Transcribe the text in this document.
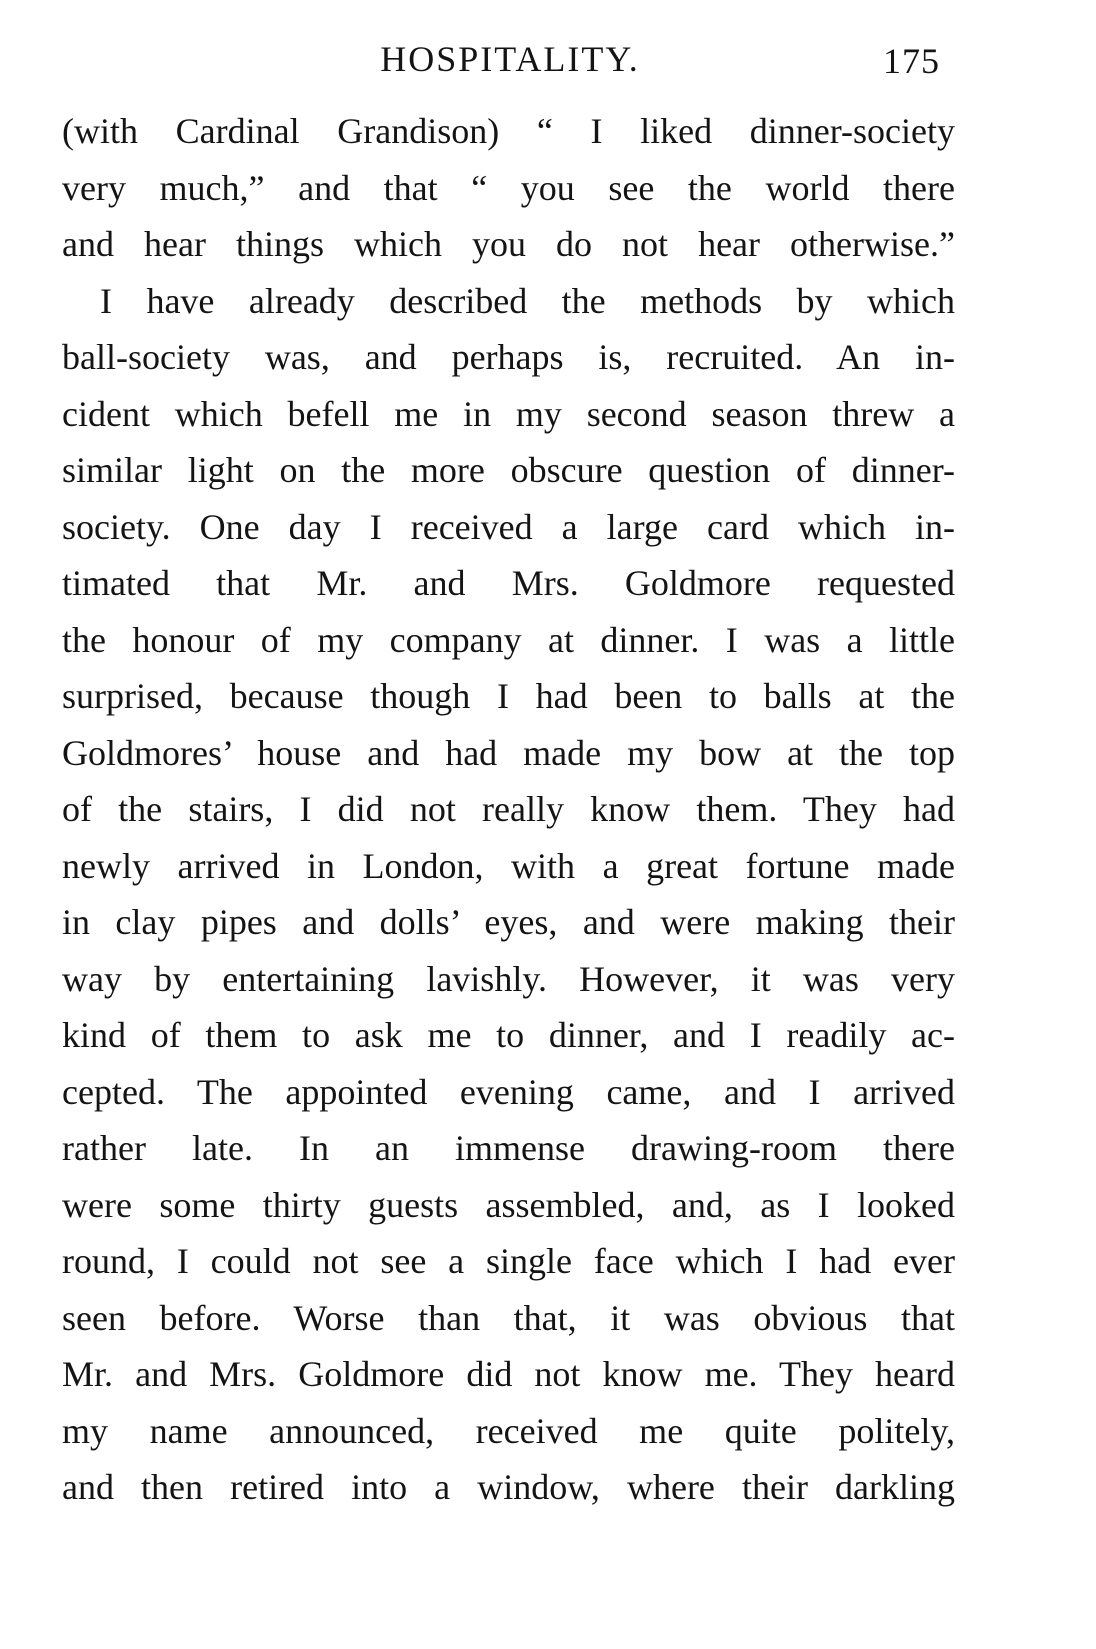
HOSPITALITY.	175
(with Cardinal Grandison) “ I liked dinner-society
very much,” and that “ you see the world there
and hear things which you do not hear otherwise.”
I have already described the methods by which
ball-society was, and perhaps is, recruited. An in-
cident which befell me in my second season threw a
similar light on the more obscure question of dinner-
society. One day I received a large card which in-
timated that Mr. and Mrs. Goldmore requested
the honour of my company at dinner. I was a little
surprised, because though I had been to balls at the
Goldmores’ house and had made my bow at the top
of the stairs, I did not really know them. They had
newly arrived in London, with a great fortune made
in clay pipes and dolls’ eyes, and were making their
way by entertaining lavishly. However, it was very
kind of them to ask me to dinner, and I readily ac-
cepted. The appointed evening came, and I arrived
rather late. In an immense drawing-room there
were some thirty guests assembled, and, as I looked
round, I could not see a single face which I had ever
seen before. Worse than that, it was obvious that
Mr. and Mrs. Goldmore did not know me. They heard
my name announced, received me quite politely,
and then retired into a window, where their darkling
